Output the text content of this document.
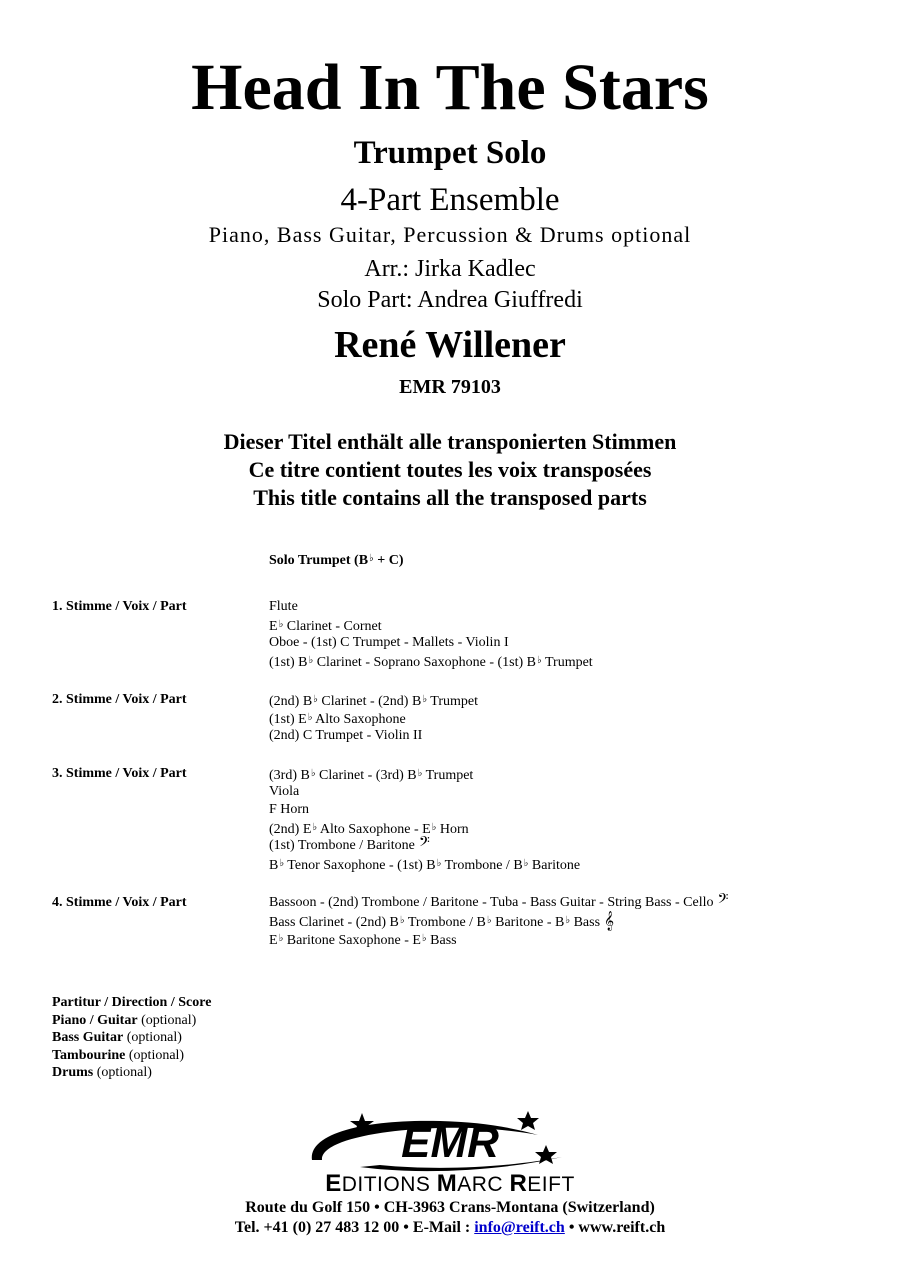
Head In The Stars
Trumpet Solo
4-Part Ensemble
Piano, Bass Guitar, Percussion & Drums optional
Arr.: Jirka Kadlec
Solo Part: Andrea Giuffredi
René Willener
EMR 79103
Dieser Titel enthält alle transponierten Stimmen
Ce titre contient toutes les voix transposées
This title contains all the transposed parts
Solo Trumpet (B♭ + C)
1. Stimme / Voix / Part	Flute
E♭ Clarinet - Cornet
Oboe - (1st) C Trumpet - Mallets - Violin I
(1st) B♭ Clarinet - Soprano Saxophone - (1st) B♭ Trumpet
2. Stimme / Voix / Part	(2nd) B♭ Clarinet - (2nd) B♭ Trumpet
(1st) E♭ Alto Saxophone
(2nd) C Trumpet - Violin II
3. Stimme / Voix / Part	(3rd) B♭ Clarinet - (3rd) B♭ Trumpet
Viola
F Horn
(2nd) E♭ Alto Saxophone - E♭ Horn
(1st) Trombone / Baritone 𝄢
B♭ Tenor Saxophone - (1st) B♭ Trombone / B♭ Baritone
4. Stimme / Voix / Part	Bassoon - (2nd) Trombone / Baritone - Tuba - Bass Guitar - String Bass - Cello 𝄢
Bass Clarinet - (2nd) B♭ Trombone / B♭ Baritone - B♭ Bass 𝄞
E♭ Baritone Saxophone - E♭ Bass
Partitur / Direction / Score
Piano / Guitar (optional)
Bass Guitar (optional)
Tambourine (optional)
Drums (optional)
EMR
EDITIONS MARC REIFT
Route du Golf 150 • CH-3963 Crans-Montana (Switzerland)
Tel. +41 (0) 27 483 12 00 • E-Mail : info@reift.ch • www.reift.ch
